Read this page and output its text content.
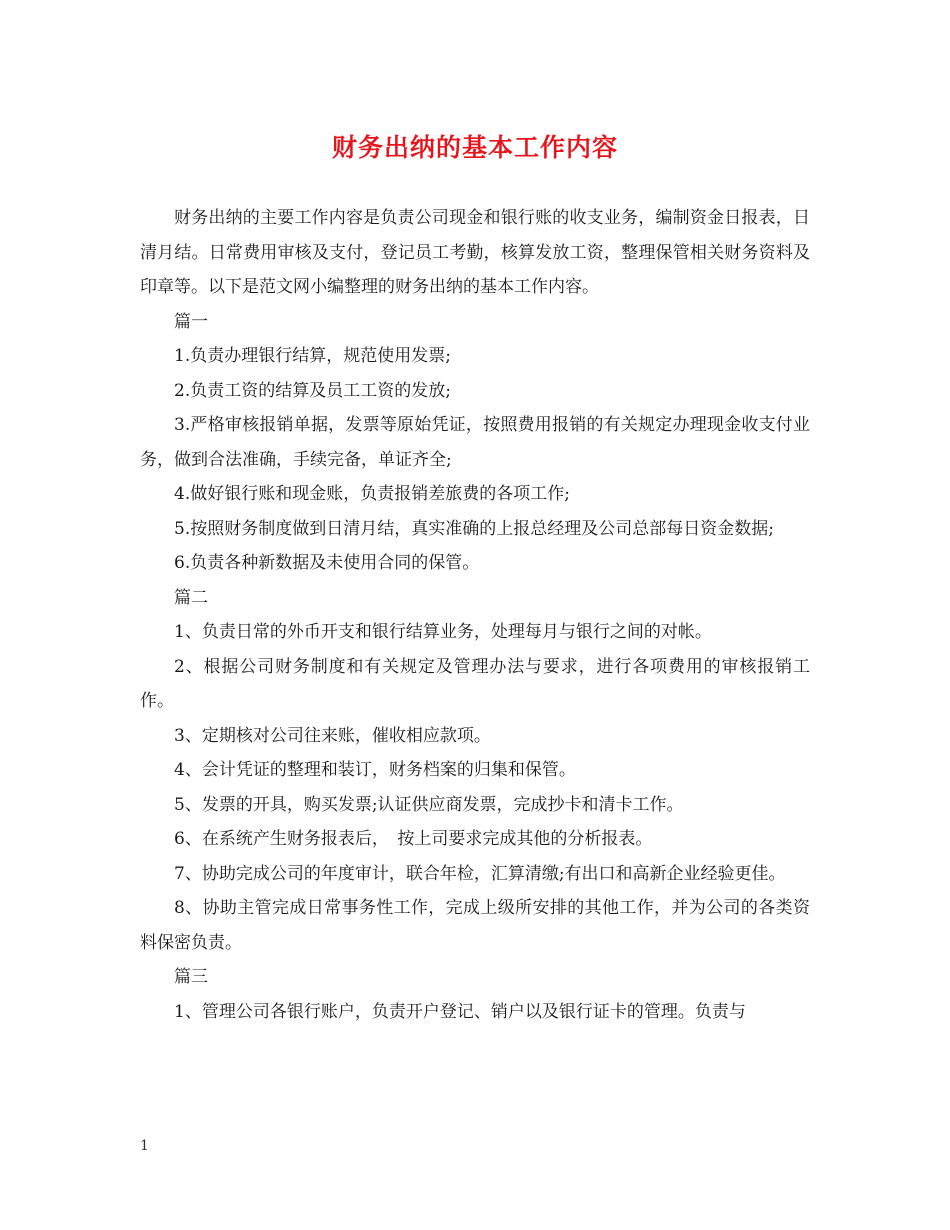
财务出纳的基本工作内容

财务出纳的主要工作内容是负责公司现金和银行账的收支业务，编制资金日报表，日清月结。日常费用审核及支付，登记员工考勤，核算发放工资，整理保管相关财务资料及印章等。以下是范文网小编整理的财务出纳的基本工作内容。

篇一

1.负责办理银行结算，规范使用发票;

2.负责工资的结算及员工工资的发放;

3.严格审核报销单据，发票等原始凭证，按照费用报销的有关规定办理现金收支付业务，做到合法准确，手续完备，单证齐全;

4.做好银行账和现金账，负责报销差旅费的各项工作;

5.按照财务制度做到日清月结，真实准确的上报总经理及公司总部每日资金数据;

6.负责各种新数据及未使用合同的保管。

篇二

1、负责日常的外币开支和银行结算业务，处理每月与银行之间的对帐。

2、根据公司财务制度和有关规定及管理办法与要求，进行各项费用的审核报销工作。

3、定期核对公司往来账，催收相应款项。

4、会计凭证的整理和装订，财务档案的归集和保管。

5、发票的开具，购买发票;认证供应商发票，完成抄卡和清卡工作。

6、在系统产生财务报表后，　按上司要求完成其他的分析报表。

7、协助完成公司的年度审计，联合年检，汇算清缴;有出口和高新企业经验更佳。

8、协助主管完成日常事务性工作，完成上级所安排的其他工作，并为公司的各类资料保密负责。

篇三

1、管理公司各银行账户，负责开户登记、销户以及银行证卡的管理。负责与

1
